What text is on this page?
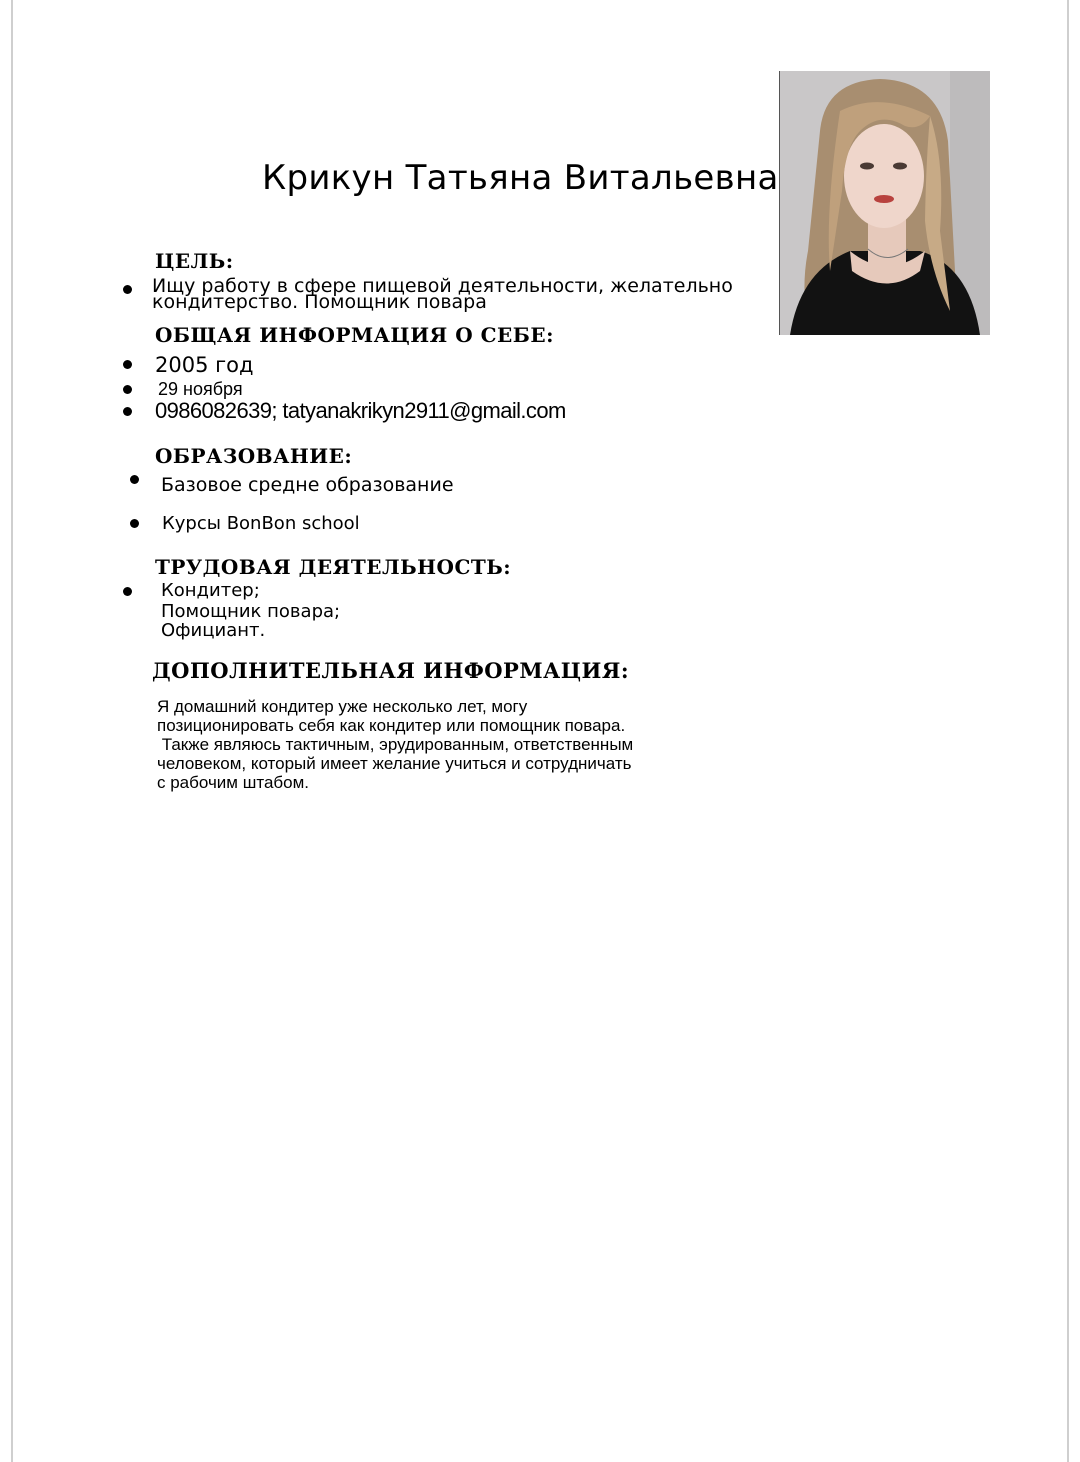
Крикун Татьяна Витальевна
ЦЕЛЬ:
Ищу работу в сфере пищевой деятельности, желательно
кондитерство. Помощник повара
ОБЩАЯ ИНФОРМАЦИЯ О СЕБЕ:
2005 год
29 ноября
0986082639; tatyanakrikyn2911@gmail.com
ОБРАЗОВАНИЕ:
Базовое средне образование
Курсы BonBon school
ТРУДОВАЯ ДЕЯТЕЛЬНОСТЬ:
Кондитер;
Помощник повара;
Официант.
ДОПОЛНИТЕЛЬНАЯ ИНФОРМАЦИЯ:
Я домашний кондитер уже несколько лет, могу
позиционировать себя как кондитер или помощник повара.
Также являюсь тактичным, эрудированным, ответственным
человеком, который имеет желание учиться и сотрудничать
с рабочим штабом.
